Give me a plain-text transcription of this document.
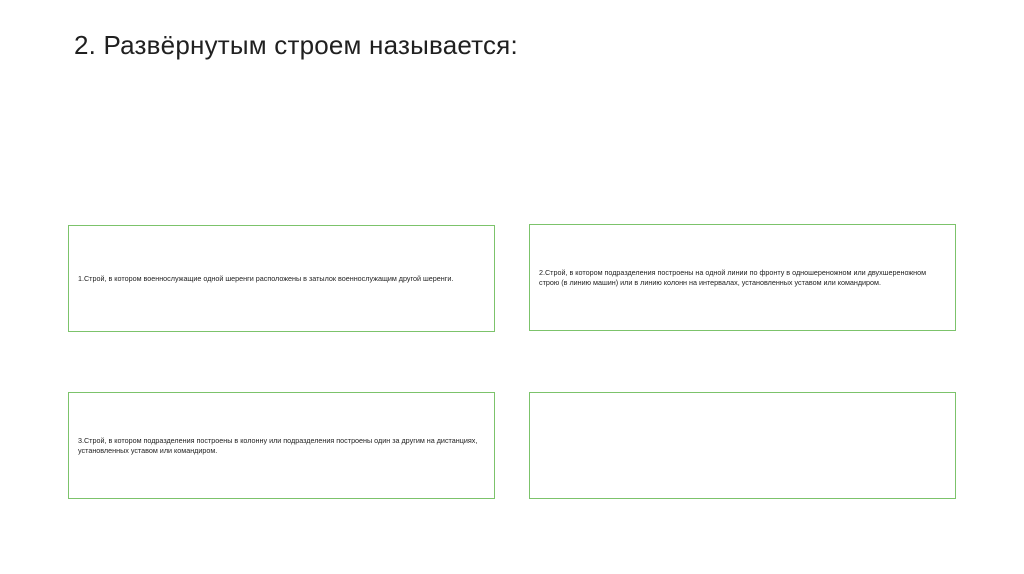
2. Развёрнутым строем называется:
1.Строй, в котором военнослужащие одной шеренги расположены в затылок военнослужащим другой шеренги.
2.Строй, в котором подразделения построены на одной линии по фронту в одношереножном или двухшереножном строю (в линию машин) или в линию колонн на интервалах, установленных уставом или командиром.
3.Строй, в котором подразделения построены в колонну или подразделения построены один за другим на дистанциях, установленных уставом или командиром.
